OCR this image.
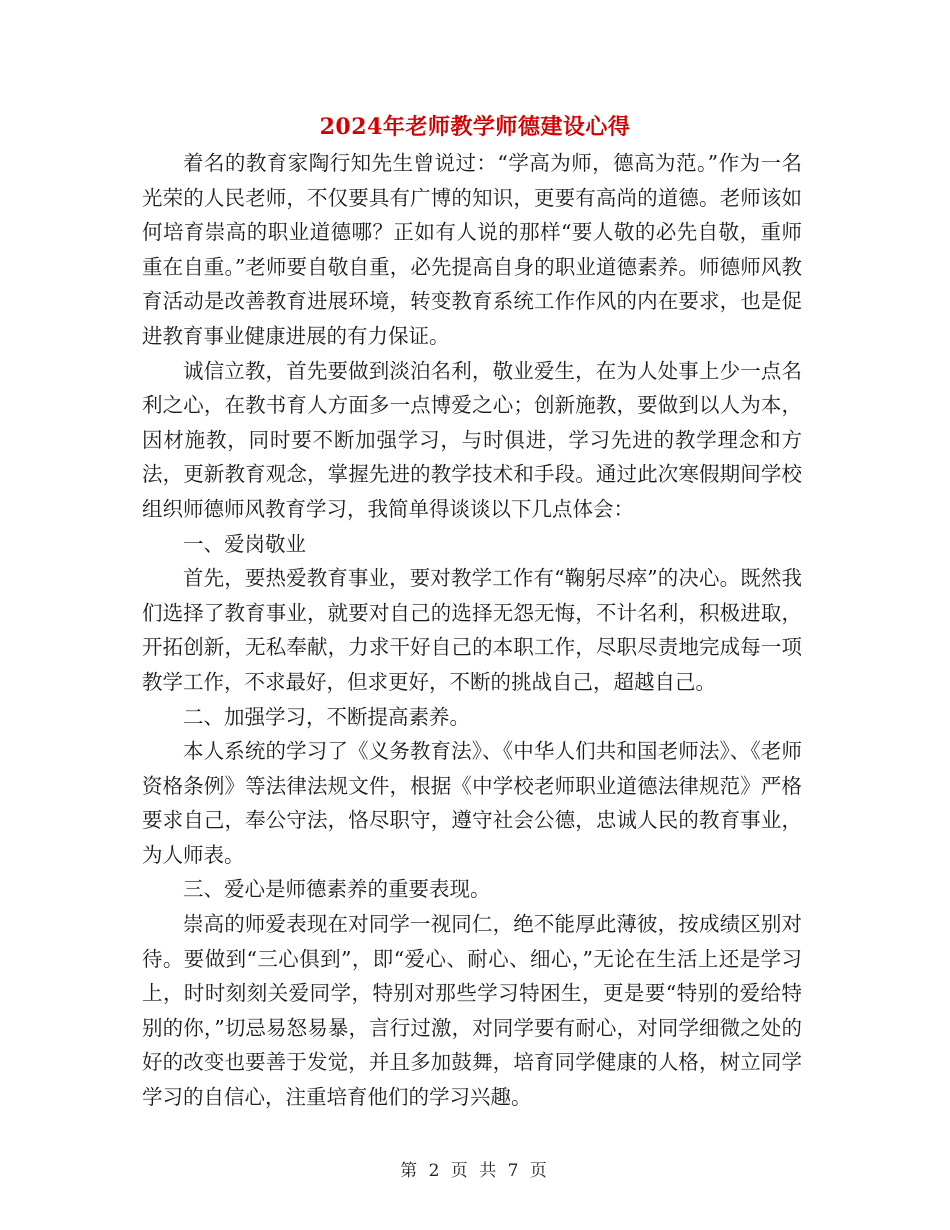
2024年老师教学师德建设心得

着名的教育家陶行知先生曾说过：“学高为师，德高为范。”作为一名光荣的人民老师，不仅要具有广博的知识，更要有高尚的道德。老师该如何培育崇高的职业道德哪？正如有人说的那样“要人敬的必先自敬，重师重在自重。”老师要自敬自重，必先提高自身的职业道德素养。师德师风教育活动是改善教育进展环境，转变教育系统工作作风的内在要求，也是促进教育事业健康进展的有力保证。

诚信立教，首先要做到淡泊名利，敬业爱生，在为人处事上少一点名利之心，在教书育人方面多一点博爱之心；创新施教，要做到以人为本，因材施教，同时要不断加强学习，与时俱进，学习先进的教学理念和方法，更新教育观念，掌握先进的教学技术和手段。通过此次寒假期间学校组织师德师风教育学习，我简单得谈谈以下几点体会：

一、爱岗敬业

首先，要热爱教育事业，要对教学工作有“鞠躬尽瘁”的决心。既然我们选择了教育事业，就要对自己的选择无怨无悔，不计名利，积极进取，开拓创新，无私奉献，力求干好自己的本职工作，尽职尽责地完成每一项教学工作，不求最好，但求更好，不断的挑战自己，超越自己。

二、加强学习，不断提高素养。

本人系统的学习了《义务教育法》、《中华人们共和国老师法》、《老师资格条例》等法律法规文件，根据《中学校老师职业道德法律规范》严格要求自己，奉公守法，恪尽职守，遵守社会公德，忠诚人民的教育事业，为人师表。

三、爱心是师德素养的重要表现。

崇高的师爱表现在对同学一视同仁，绝不能厚此薄彼，按成绩区别对待。要做到“三心俱到”，即“爱心、耐心、细心，”无论在生活上还是学习上，时时刻刻关爱同学，特别对那些学习特困生，更是要“特别的爱给特别的你，”切忌易怒易暴，言行过激，对同学要有耐心，对同学细微之处的好的改变也要善于发觉，并且多加鼓舞，培育同学健康的人格，树立同学学习的自信心，注重培育他们的学习兴趣。

第 2 页 共 7 页
